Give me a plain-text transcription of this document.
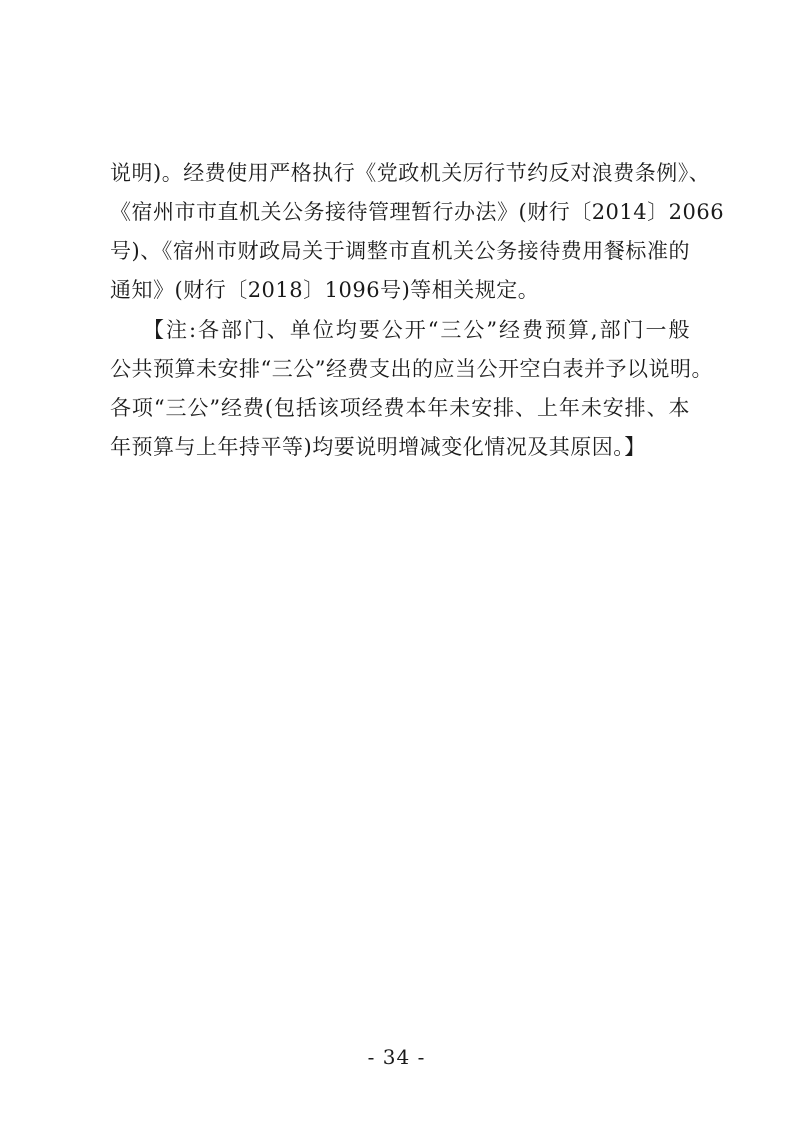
说明)。经费使用严格执行《党政机关厉行节约反对浪费条例》、
《宿州市市直机关公务接待管理暂行办法》(财行〔2014〕2066
号)、《宿州市财政局关于调整市直机关公务接待费用餐标准的
通知》(财行〔2018〕1096号)等相关规定。
【注:各部门、单位均要公开“三公”经费预算,部门一般
公共预算未安排“三公”经费支出的应当公开空白表并予以说明。
各项“三公”经费(包括该项经费本年未安排、上年未安排、本
年预算与上年持平等)均要说明增减变化情况及其原因。】
- 34 -
